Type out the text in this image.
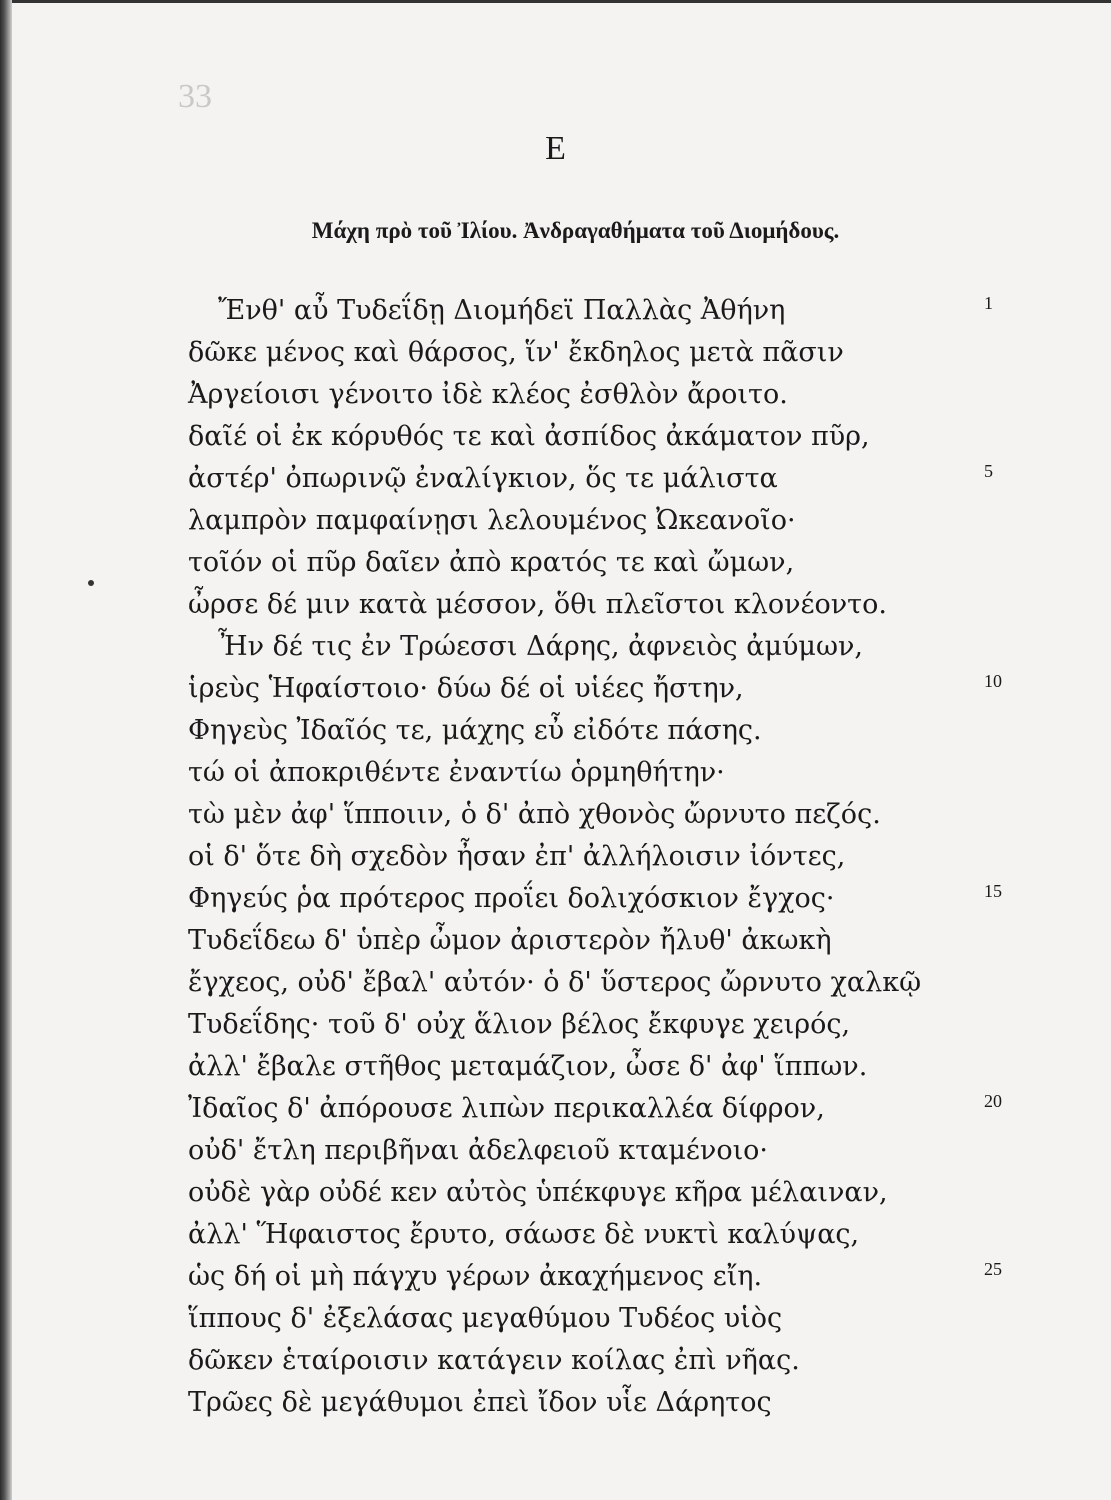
33
Ε
Μάχη πρὸ τοῦ Ἰλίου. Ἀνδραγαθήματα τοῦ Διομήδους.
Ἔνθ' αὖ Τυδεΐδῃ Διομήδεϊ Παλλὰς Ἀθήνη	1
δῶκε μένος καὶ θάρσος, ἵν' ἔκδηλος μετὰ πᾶσιν
Ἀργείοισι γένοιτο ἰδὲ κλέος ἐσθλὸν ἄροιτο.
δαῖέ οἱ ἐκ κόρυθός τε καὶ ἀσπίδος ἀκάματον πῦρ,
ἀστέρ' ὀπωρινῷ ἐναλίγκιον, ὅς τε μάλιστα	5
λαμπρὸν παμφαίνῃσι λελουμένος Ὠκεανοῖο·
τοῖόν οἱ πῦρ δαῖεν ἀπὸ κρατός τε καὶ ὤμων,
ὦρσε δέ μιν κατὰ μέσσον, ὅθι πλεῖστοι κλονέοντο.
Ἦν δέ τις ἐν Τρώεσσι Δάρης, ἀφνειὸς ἀμύμων,
ἱρεὺς Ἡφαίστοιο· δύω δέ οἱ υἱέες ἤστην,	10
Φηγεὺς Ἰδαῖός τε, μάχης εὖ εἰδότε πάσης.
τώ οἱ ἀποκριθέντε ἐναντίω ὁρμηθήτην·
τὼ μὲν ἀφ' ἵπποιιν, ὁ δ' ἀπὸ χθονὸς ὤρνυτο πεζός.
οἱ δ' ὅτε δὴ σχεδὸν ἦσαν ἐπ' ἀλλήλοισιν ἰόντες,
Φηγεύς ῥα πρότερος προΐει δολιχόσκιον ἔγχος·	15
Τυδεΐδεω δ' ὑπὲρ ὦμον ἀριστερὸν ἤλυθ' ἀκωκὴ
ἔγχεος, οὐδ' ἔβαλ' αὐτόν· ὁ δ' ὕστερος ὤρνυτο χαλκῷ
Τυδεΐδης· τοῦ δ' οὐχ ἅλιον βέλος ἔκφυγε χειρός,
ἀλλ' ἔβαλε στῆθος μεταμάζιον, ὦσε δ' ἀφ' ἵππων.
Ἰδαῖος δ' ἀπόρουσε λιπὼν περικαλλέα δίφρον,	20
οὐδ' ἔτλη περιβῆναι ἀδελφειοῦ κταμένοιο·
οὐδὲ γὰρ οὐδέ κεν αὐτὸς ὑπέκφυγε κῆρα μέλαιναν,
ἀλλ' Ἥφαιστος ἔρυτο, σάωσε δὲ νυκτὶ καλύψας,
ὡς δή οἱ μὴ πάγχυ γέρων ἀκαχήμενος εἴη.	25
ἵππους δ' ἐξελάσας μεγαθύμου Τυδέος υἱὸς
δῶκεν ἑταίροισιν κατάγειν κοίλας ἐπὶ νῆας.
Τρῶες δὲ μεγάθυμοι ἐπεὶ ἴδον υἷε Δάρητος
